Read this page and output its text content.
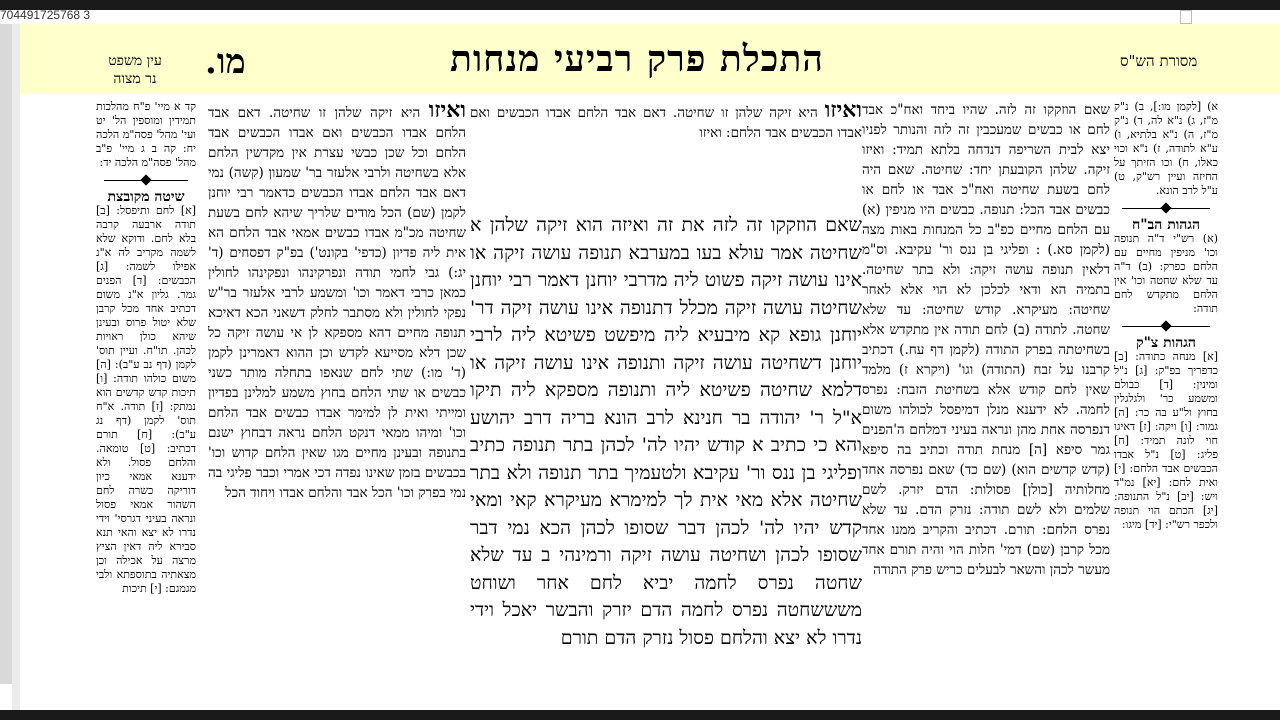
704491725768 3
מסורת הש"ס
התכלת פרק רביעי מנחות
מו.
עין משפט
נר מצוה

א) [לקמן מו:], ב) נ"ק מ"ז, ג) נ"א לה, ד) נ"ק מ"ז, ה) נ"א בלתיא, ו) ע"א לתודה, ז) נ"א וכוי כאלו, ח) וכו הזיתך על החיזה ועיין רש"ק, ט) ע"ל לרב הונא.

הגהות הב"ח

(א) רש"י ד"ה תנופה וכו' מניפין מחיים עם הלחם כפרק: (ב) ד"ה עד שלא שחטה וכו' אין הלחם מתקדש לחם תודה:

הגהות צ"ק

[א] מנחה כתודה: [ב] כדפריך בפ"ק: [ג] נ"ל ומינין: [ד] כבולם ומשמע כר' ולגלגלין בחוץ ול"ע בה כר: [ה] גמור: [ו] ויקה: [ז] דאיגו חוי לונה תמיד: [ח] פליג: [ט] נ"ל אבדו הכבשים אבד הלחם: [י] ואית לחם: [יא] נמ"ד ויש: [יב] נ"ל התנופה: [יג] הכתם הוי תנופה ולכפר רש"י: [יד] מיגו:

שאם הוזקקו זה לזה. שהיו ביחד ואח"כ אבד לחם או כבשים שמעכבין זה לזה והנותר לפניו יצא לבית השריפה דנדחה בלתא תמיד: ואיזו זיקה. שלהן הקובעתן יחד: שחיטה. שאם היה לחם בשעת שחיטה ואח"כ אבד או לחם או כבשים אבד הכל: תנופה. כבשים היו מניפין (א) עם הלחם מחיים כפ"ב כל המנחות באות מצה (לקמן סא.) : ופליגי בן ננס ור' עקיבא. וס"מ דלאין תנופה עושה זיקה: ולא בתר שחיטה. בתמיה הא ודאי לכלכן לא הוי אלא לאחר שחיטה: מעיקרא. קודש שחיטה: עד שלא שחטה. לתודה (ב) לחם תודה אין מתקדש אלא בשחיטתה בפרק התודה (לקמן דף עח.) דכתיב קרבנו על זבח (התודה) וגו' (ויקרא ז) מלמד שאין לחם קודש אלא בשחיטת הזבח: נפרס לחמה. לא ידענא מנלן דמיפסל לכולהו משום דנפרסה אחת מהן ונראה בעיני דמלחם ה'הפנים גמר סיפא [ה] מנחת תודה וכתיב בה סיפא (קדש קדשים הוא) (שם כד) שאם נפרסה אחד מחלותיה [כולן] פסולות: הדם יזרק. לשם שלמים ולא לשם תודה: נזרק הדם. עד שלא נפרס הלחם: תורם. דכתיב והקריב ממנו אחד מכל קרבן (שם) דמי' חלות הוי והיה תורם אחד מעשר לכהן והשאר לבעלים כריש פרק התודה

ואיזו היא זיקה שלהן זו שחיטה. דאם אבד הלחם אבדו הכבשים ואם אבדו הכבשים אבד הלחם: ואיזו

שאם הוזקקו זה לזה את זה ואיזה הוא זיקה שלהן א שחיטה אמר עולא בעו במערבא תנופה עושה זיקה או אינו עושה זיקה פשוט ליה מדרבי יוחנן דאמר רבי יוחנן שחיטה עושה זיקה מכלל דתנופה אינו עושה זיקה דר' יוחנן גופא קא מיבעיא ליה מיפשט פשיטא ליה לרבי יוחנן דשחיטה עושה זיקה ותנופה אינו עושה זיקה או דלמא שחיטה פשיטא ליה ותנופה מספקא ליה תיקו א"ל ר' יהודה בר חנינא לרב הונא בריה דרב יהושע והא כי כתיב א קודש יהיו לה' לכהן בתר תנופה כתיב ופליגי בן ננס ור' עקיבא ולטעמיך בתר תנופה ולא בתר שחיטה אלא מאי אית לך למימרא מעיקרא קאי ומאי קדש יהיו לה' לכהן דבר שסופו לכהן הכא נמי דבר שסופו לכהן ושחיטה עושה זיקה ורמינהי ב עד שלא שחטה נפרס לחמה יביא לחם אחר ושוחט משששחטה נפרס לחמה הדם יזרק והבשר יאכל וידי נדרו לא יצא והלחם פסול נזרק הדם תורם

ואיזו היא זיקה שלהן זו שחיטה. דאם אבד הלחם אבדו הכבשים ואם אבדו הכבשים אבד הלחם וכל שכן כבשי עצרת אין מקדשין הלחם אלא בשחיטה ולרבי אלעזר בר' שמעון (קשה) נמי דאם אבד הלחם אבדו הכבשים כדאמר רבי יוחנן לקמן (שם) הכל מודים שלריך שיהא לחם בשעת שחיטה מכ"מ אבדו כבשים אמאי אבד הלחם הא אית ליה פדיון (כדפי' בקונט') בפ"ק דפסחים (ד' יג:) גבי לחמי תודה ונפרקינהו ונפקינהו לחולין כמאן כרבי דאמר וכו' ומשמע לרבי אלעזר בר"ש נפקי לחולין ולא מסתבר לחלק דשאני הכא דאיכא תנופה מחיים דהא מספקא לן אי עושה זיקה כל שכן דלא מסייעא לקדש וכן ההוא דאמרינן לקמן (ד' מו:) שתי לחם שנאפו בתחלה מותר כשני כבשים או שתי הלחם בחוץ משמע למלינן בפדיון ומייתי ואית לן למימר אבדו כבשים אבד הלחם וכו' ומיהו ממאי דנקט הלחם נראה דבחוץ ישנם בתנופה ובעינן מחיים מגו שאין הלחם קדוש וכו' בכבשים בזמן שאינו נפדה דכי אמרי וכבר פליגי בה נמי בפרק וכו' הכל אבד והלחם אבדו ויחוד הכל

קד א מיי' פ"ח מהלכות תמידין ומוספין הל' יט ועי' מהל' פסה"מ הלכה יח: קה ב ג מיי' פ"ב מהל' פסה"מ הלכה יד:

שיטה מקובצת

[א] לחם ותיפסל: [ב] תודה ארבעה קרבה בלא לחם. ודוקא שלא לשמה מקריב לה א"נ אפילו לשמה: [ג] הכבשים: [ד] הפנים גמר. גליון א"נ משום דכתיב אחד מכל קרבן שלא יטול פרוס ובעינן שיהא כולן ראויות לכהן. תו"ח. ועיין תוס' לקמן (דף נב ע"ב): [ה] משום כולהו תודה: [ו] תיכות קדש קדשים הוא נמתק: [ז] תודה. א"ח תוס' לקמן (דף נג ע"ב): [ח] תורם דכתיב: [ט] טומאה. והלחם פסול. ולא ידענא אמאי כיון דוריקה כשרה לחם השהור אמאי פסול ונראה בעיני דגרסי' וידי נדרו לא יצא והאי תנא סבירא ליה דאין הציץ מרצה על אכילה וכן מצאתיה בתוספתא ולבי מגמגם: [י] תיכות
